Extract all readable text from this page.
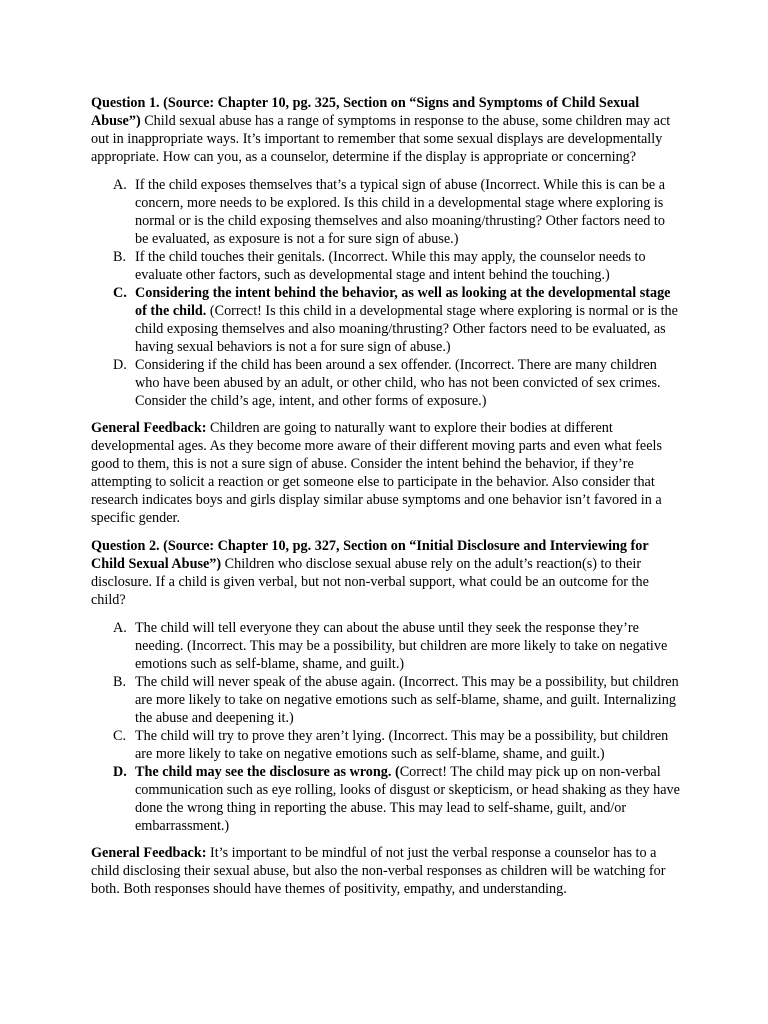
Question 1. (Source: Chapter 10, pg. 325, Section on “Signs and Symptoms of Child Sexual Abuse”) Child sexual abuse has a range of symptoms in response to the abuse, some children may act out in inappropriate ways. It’s important to remember that some sexual displays are developmentally appropriate. How can you, as a counselor, determine if the display is appropriate or concerning?

A. If the child exposes themselves that’s a typical sign of abuse (Incorrect. While this is can be a concern, more needs to be explored. Is this child in a developmental stage where exploring is normal or is the child exposing themselves and also moaning/thrusting? Other factors need to be evaluated, as exposure is not a for sure sign of abuse.)
B. If the child touches their genitals. (Incorrect. While this may apply, the counselor needs to evaluate other factors, such as developmental stage and intent behind the touching.)
C. Considering the intent behind the behavior, as well as looking at the developmental stage of the child. (Correct! Is this child in a developmental stage where exploring is normal or is the child exposing themselves and also moaning/thrusting? Other factors need to be evaluated, as having sexual behaviors is not a for sure sign of abuse.)
D. Considering if the child has been around a sex offender. (Incorrect. There are many children who have been abused by an adult, or other child, who has not been convicted of sex crimes. Consider the child’s age, intent, and other forms of exposure.)

General Feedback: Children are going to naturally want to explore their bodies at different developmental ages. As they become more aware of their different moving parts and even what feels good to them, this is not a sure sign of abuse. Consider the intent behind the behavior, if they’re attempting to solicit a reaction or get someone else to participate in the behavior. Also consider that research indicates boys and girls display similar abuse symptoms and one behavior isn’t favored in a specific gender.

Question 2. (Source: Chapter 10, pg. 327, Section on “Initial Disclosure and Interviewing for Child Sexual Abuse”) Children who disclose sexual abuse rely on the adult’s reaction(s) to their disclosure. If a child is given verbal, but not non-verbal support, what could be an outcome for the child?

A. The child will tell everyone they can about the abuse until they seek the response they’re needing. (Incorrect. This may be a possibility, but children are more likely to take on negative emotions such as self-blame, shame, and guilt.)
B. The child will never speak of the abuse again. (Incorrect. This may be a possibility, but children are more likely to take on negative emotions such as self-blame, shame, and guilt. Internalizing the abuse and deepening it.)
C. The child will try to prove they aren’t lying. (Incorrect. This may be a possibility, but children are more likely to take on negative emotions such as self-blame, shame, and guilt.)
D. The child may see the disclosure as wrong. (Correct! The child may pick up on non-verbal communication such as eye rolling, looks of disgust or skepticism, or head shaking as they have done the wrong thing in reporting the abuse. This may lead to self-shame, guilt, and/or embarrassment.)

General Feedback: It’s important to be mindful of not just the verbal response a counselor has to a child disclosing their sexual abuse, but also the non-verbal responses as children will be watching for both. Both responses should have themes of positivity, empathy, and understanding.
